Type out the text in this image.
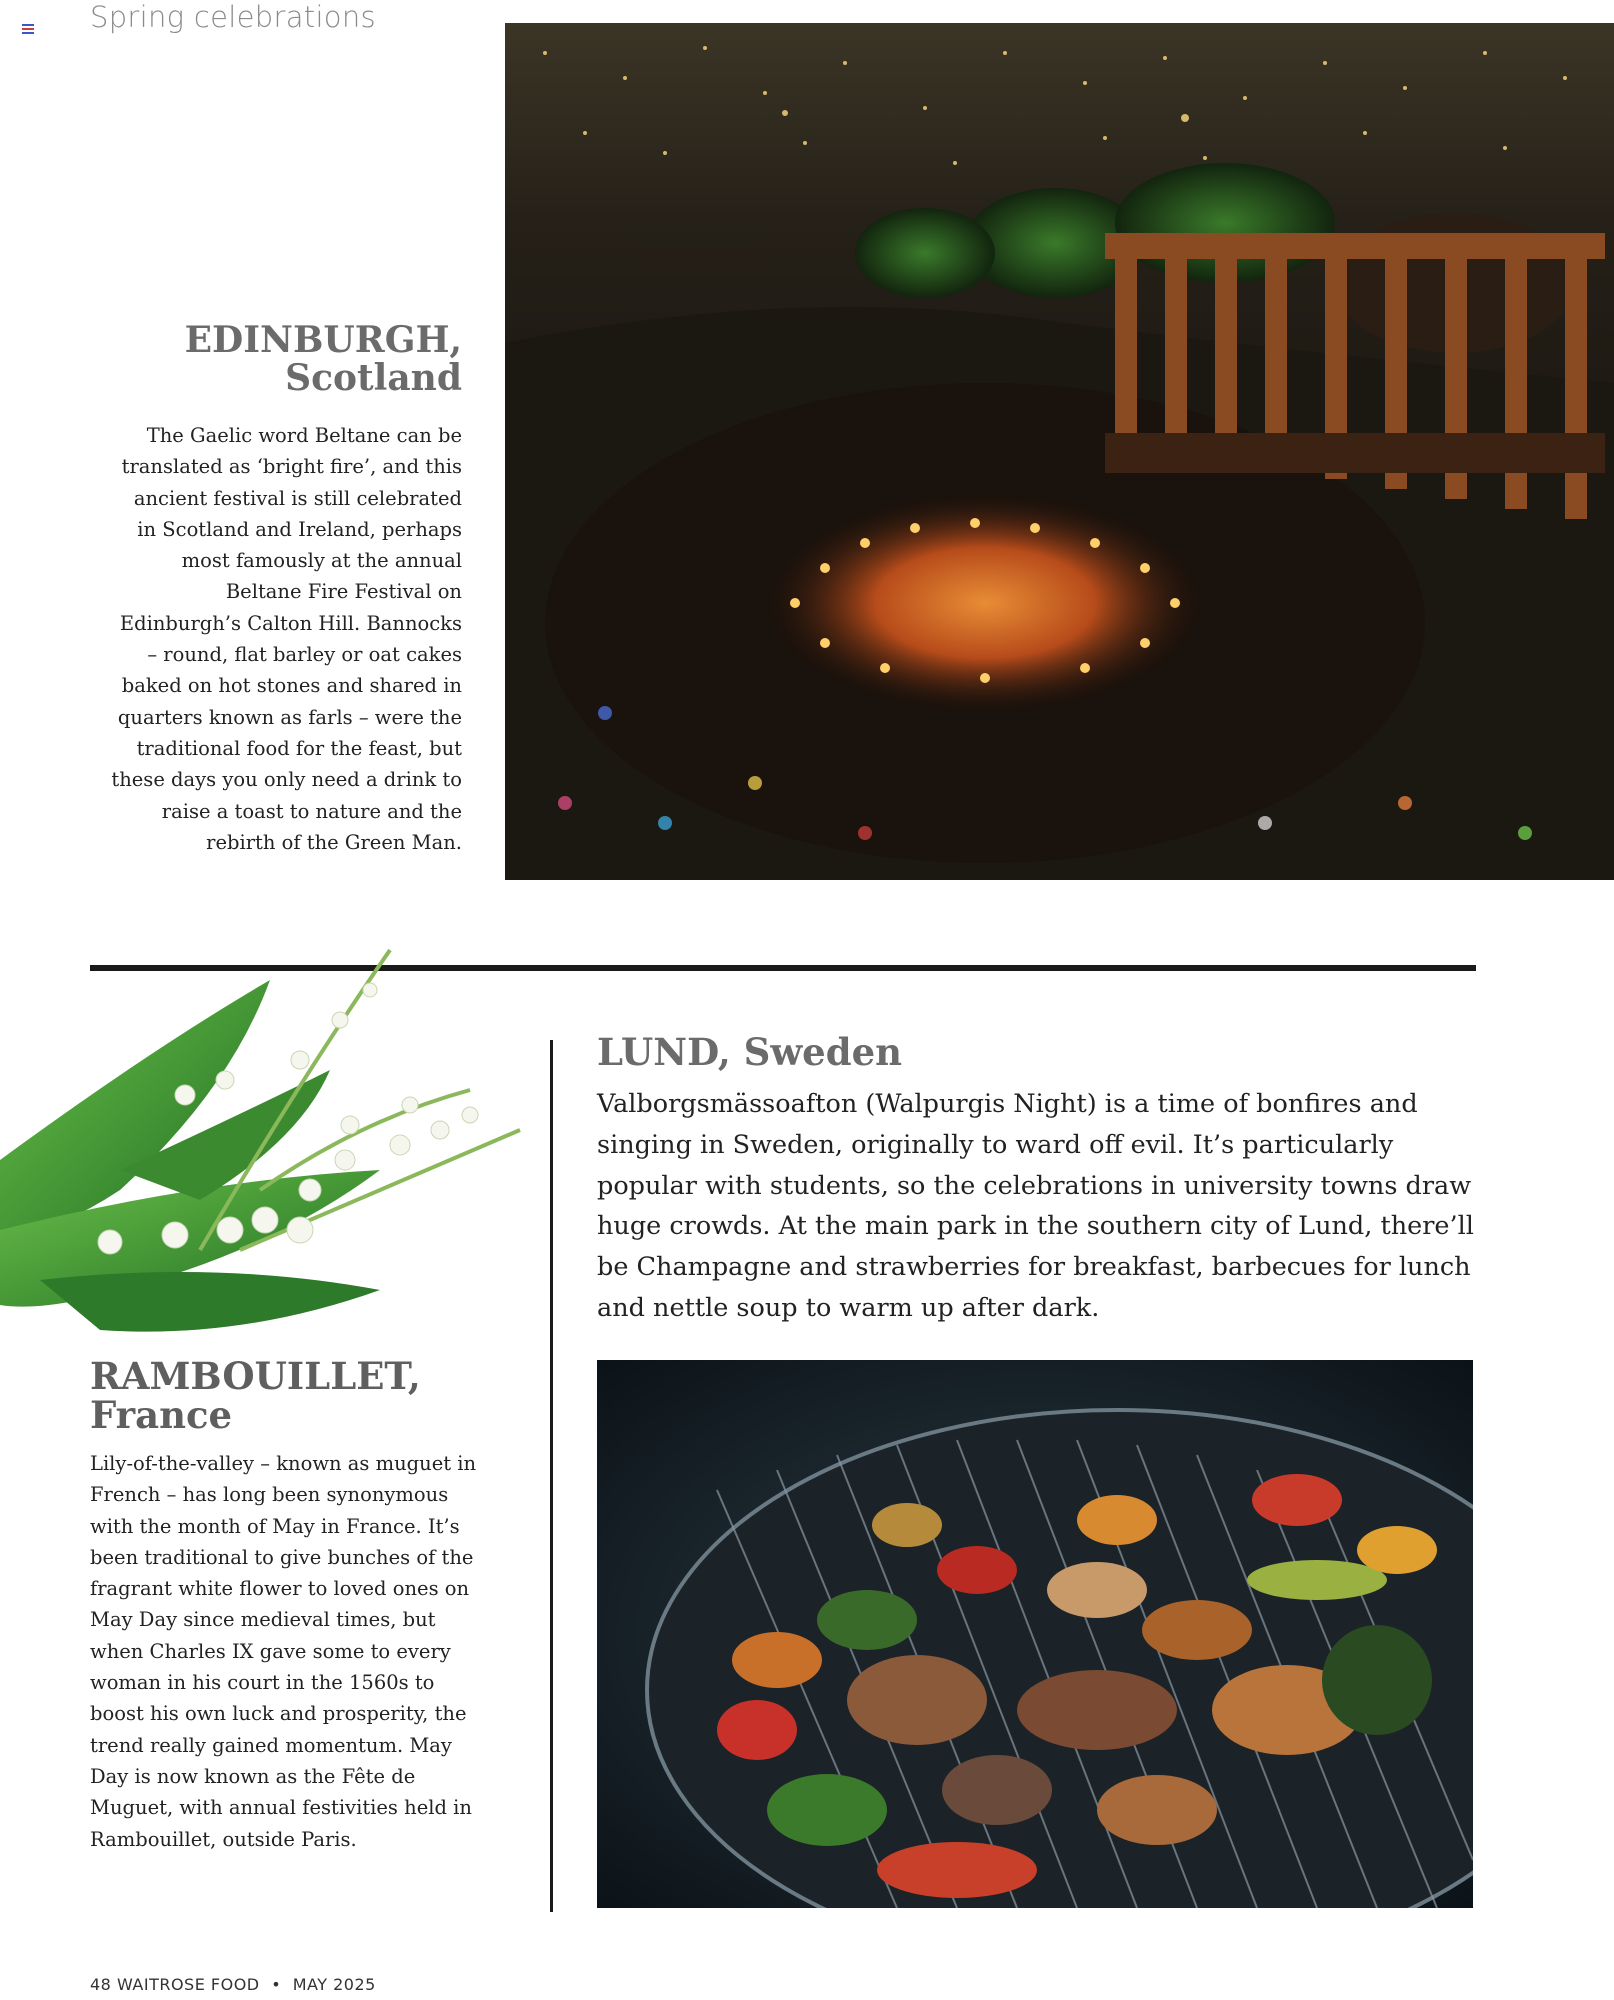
Spring celebrations
EDINBURGH,
Scotland
The Gaelic word Beltane can be translated as ‘bright fire’, and this ancient festival is still celebrated in Scotland and Ireland, perhaps most famously at the annual Beltane Fire Festival on Edinburgh’s Calton Hill. Bannocks – round, flat barley or oat cakes baked on hot stones and shared in quarters known as farls – were the traditional food for the feast, but these days you only need a drink to raise a toast to nature and the rebirth of the Green Man.
RAMBOUILLET,
France
Lily-of-the-valley – known as muguet in French – has long been synonymous with the month of May in France. It’s been traditional to give bunches of the fragrant white flower to loved ones on May Day since medieval times, but when Charles IX gave some to every woman in his court in the 1560s to boost his own luck and prosperity, the trend really gained momentum. May Day is now known as the Fête de Muguet, with annual festivities held in Rambouillet, outside Paris.
LUND, Sweden
Valborgsmässoafton (Walpurgis Night) is a time of bonfires and singing in Sweden, originally to ward off evil. It’s particularly popular with students, so the celebrations in university towns draw huge crowds. At the main park in the southern city of Lund, there’ll be Champagne and strawberries for breakfast, barbecues for lunch and nettle soup to warm up after dark.
48 WAITROSE FOOD • MAY 2025
